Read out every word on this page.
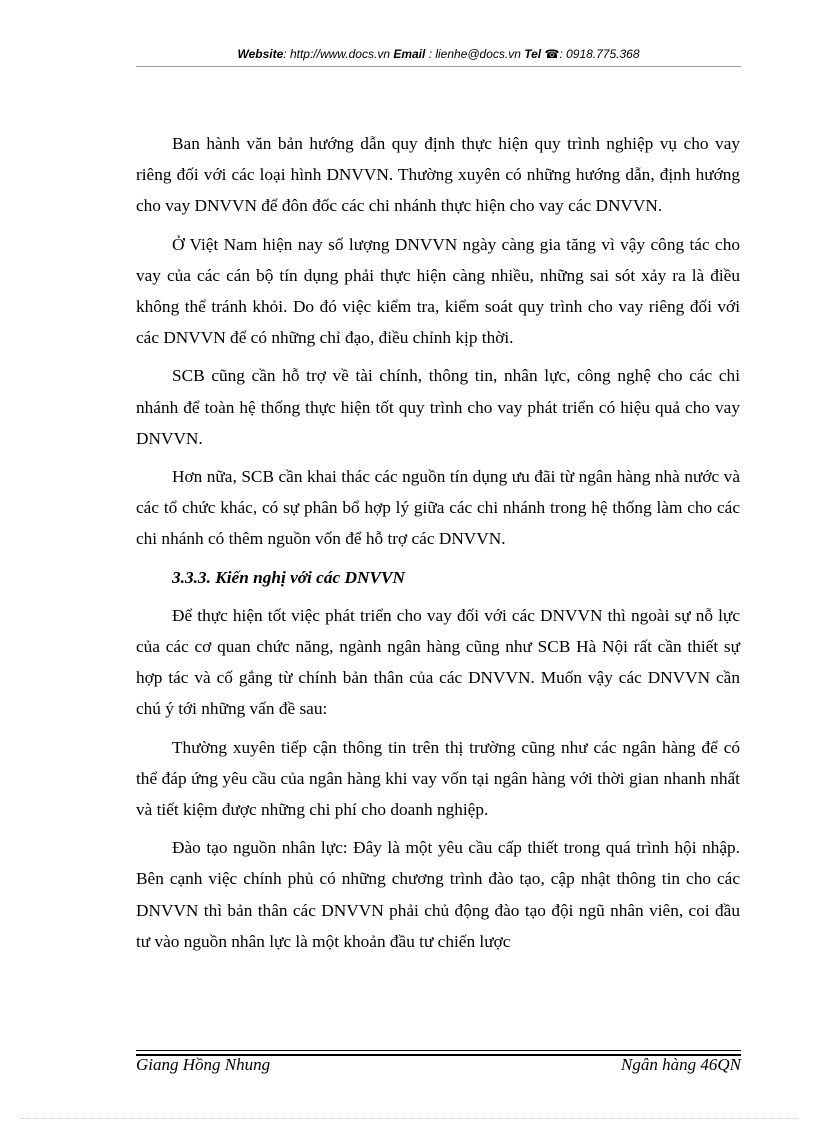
Website: http://www.docs.vn Email : lienhe@docs.vn Tel ☎: 0918.775.368

Ban hành văn bản hướng dẫn quy định thực hiện quy trình nghiệp vụ cho vay riêng đối với các loại hình DNVVN. Thường xuyên có những hướng dẫn, định hướng cho vay DNVVN để đôn đốc các chi nhánh thực hiện cho vay các DNVVN.

Ở Việt Nam hiện nay số lượng DNVVN ngày càng gia tăng vì vậy công tác cho vay của các cán bộ tín dụng phải thực hiện càng nhiều, những sai sót xảy ra là điều không thể tránh khỏi. Do đó việc kiểm tra, kiểm soát quy trình cho vay riêng đối với các DNVVN để có những chỉ đạo, điều chỉnh kịp thời.

SCB cũng cần hỗ trợ về tài chính, thông tin, nhân lực, công nghệ cho các chi nhánh để toàn hệ thống thực hiện tốt quy trình cho vay phát triển có hiệu quả cho vay DNVVN.

Hơn nữa, SCB cần khai thác các nguồn tín dụng ưu đãi từ ngân hàng nhà nước và các tổ chức khác, có sự phân bổ hợp lý giữa các chi nhánh trong hệ thống làm cho các chi nhánh có thêm nguồn vốn để hỗ trợ các DNVVN.

3.3.3. Kiến nghị với các DNVVN

Để thực hiện tốt việc phát triển cho vay đối với các DNVVN thì ngoài sự nỗ lực của các cơ quan chức năng, ngành ngân hàng cũng như SCB Hà Nội rất cần thiết sự hợp tác và cố gắng từ chính bản thân của các DNVVN. Muốn vậy các DNVVN cần chú ý tới những vấn đề sau:

Thường xuyên tiếp cận thông tin trên thị trường cũng như các ngân hàng để có thể đáp ứng yêu cầu của ngân hàng khi vay vốn tại ngân hàng với thời gian nhanh nhất và tiết kiệm được những chi phí cho doanh nghiệp.

Đào tạo nguồn nhân lực: Đây là một yêu cầu cấp thiết trong quá trình hội nhập. Bên cạnh việc chính phủ có những chương trình đào tạo, cập nhật thông tin cho các DNVVN thì bản thân các DNVVN phải chủ động đào tạo đội ngũ nhân viên, coi đầu tư vào nguồn nhân lực là một khoản đầu tư chiến lược

Giang Hồng Nhung	Ngân hàng 46QN
